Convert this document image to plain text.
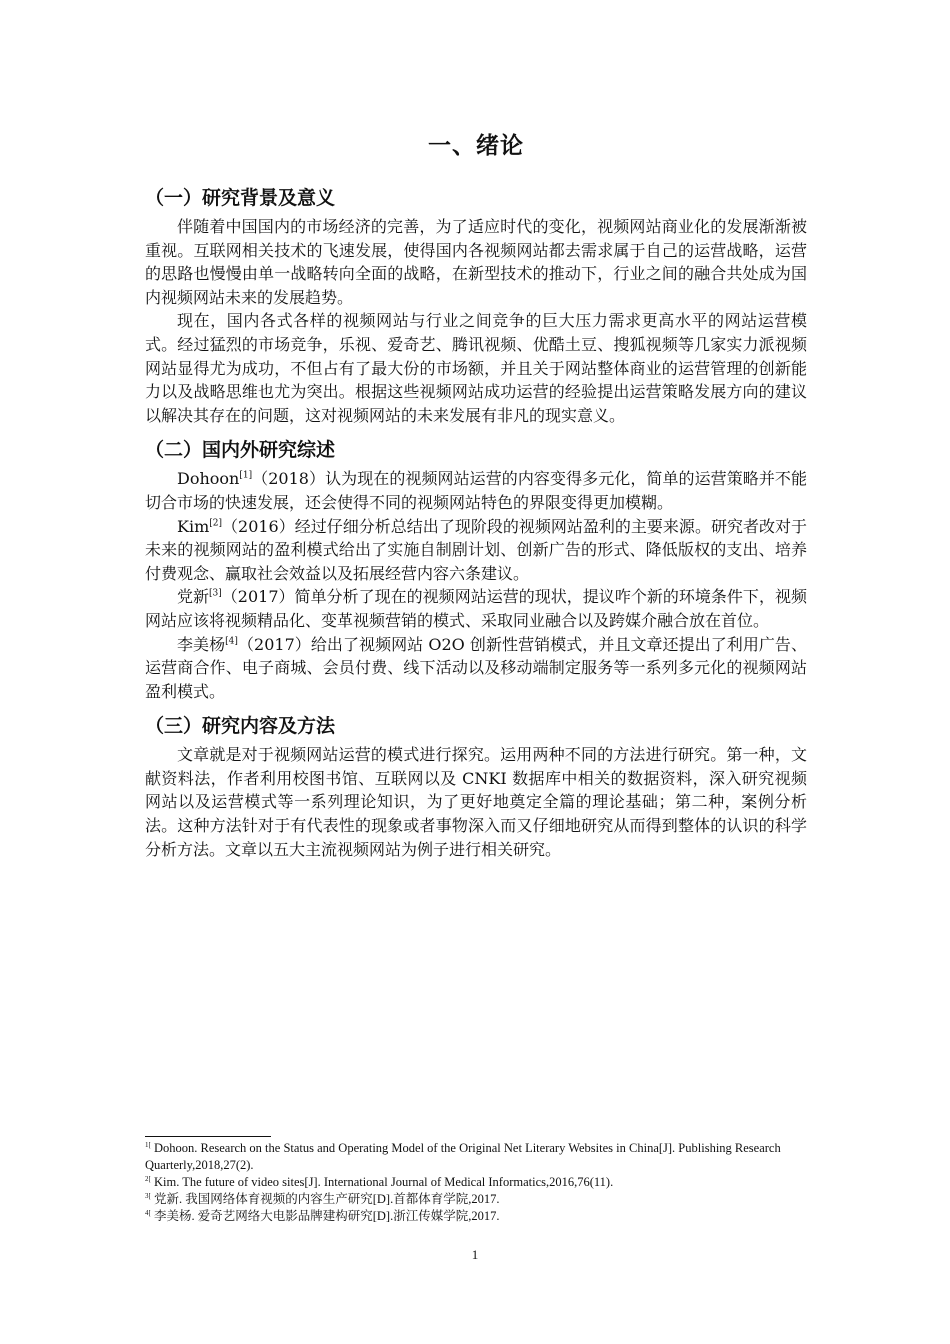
一、绪论
（一）研究背景及意义

伴随着中国国内的市场经济的完善，为了适应时代的变化，视频网站商业化的发展渐渐被重视。互联网相关技术的飞速发展，使得国内各视频网站都去需求属于自己的运营战略，运营的思路也慢慢由单一战略转向全面的战略，在新型技术的推动下，行业之间的融合共处成为国内视频网站未来的发展趋势。

现在，国内各式各样的视频网站与行业之间竞争的巨大压力需求更高水平的网站运营模式。经过猛烈的市场竞争，乐视、爱奇艺、腾讯视频、优酷土豆、搜狐视频等几家实力派视频网站显得尤为成功，不但占有了最大份的市场额，并且关于网站整体商业的运营管理的创新能力以及战略思维也尤为突出。根据这些视频网站成功运营的经验提出运营策略发展方向的建议以解决其存在的问题，这对视频网站的未来发展有非凡的现实意义。

（二）国内外研究综述

Dohoon[1]（2018）认为现在的视频网站运营的内容变得多元化，简单的运营策略并不能切合市场的快速发展，还会使得不同的视频网站特色的界限变得更加模糊。

Kim[2]（2016）经过仔细分析总结出了现阶段的视频网站盈利的主要来源。研究者改对于未来的视频网站的盈利模式给出了实施自制剧计划、创新广告的形式、降低版权的支出、培养付费观念、赢取社会效益以及拓展经营内容六条建议。

党新[3]（2017）简单分析了现在的视频网站运营的现状，提议咋个新的环境条件下，视频网站应该将视频精品化、变革视频营销的模式、采取同业融合以及跨媒介融合放在首位。

李美杨[4]（2017）给出了视频网站 O2O 创新性营销模式，并且文章还提出了利用广告、运营商合作、电子商城、会员付费、线下活动以及移动端制定服务等一系列多元化的视频网站盈利模式。

（三）研究内容及方法

文章就是对于视频网站运营的模式进行探究。运用两种不同的方法进行研究。第一种，文献资料法，作者利用校图书馆、互联网以及 CNKI 数据库中相关的数据资料，深入研究视频网站以及运营模式等一系列理论知识，为了更好地奠定全篇的理论基础；第二种，案例分析法。这种方法针对于有代表性的现象或者事物深入而又仔细地研究从而得到整体的认识的科学分析方法。文章以五大主流视频网站为例子进行相关研究。

$^{1[}$ Dohoon. Research on the Status and Operating Model of the Original Net Literary Websites in China[J]. Publishing Research Quarterly,2018,27(2).
$^{2[}$ Kim. The future of video sites[J]. International Journal of Medical Informatics,2016,76(11).
$^{3[}$ 党新. 我国网络体育视频的内容生产研究[D].首都体育学院,2017.
$^{4[}$ 李美杨. 爱奇艺网络大电影品牌建构研究[D].浙江传媒学院,2017.
1
